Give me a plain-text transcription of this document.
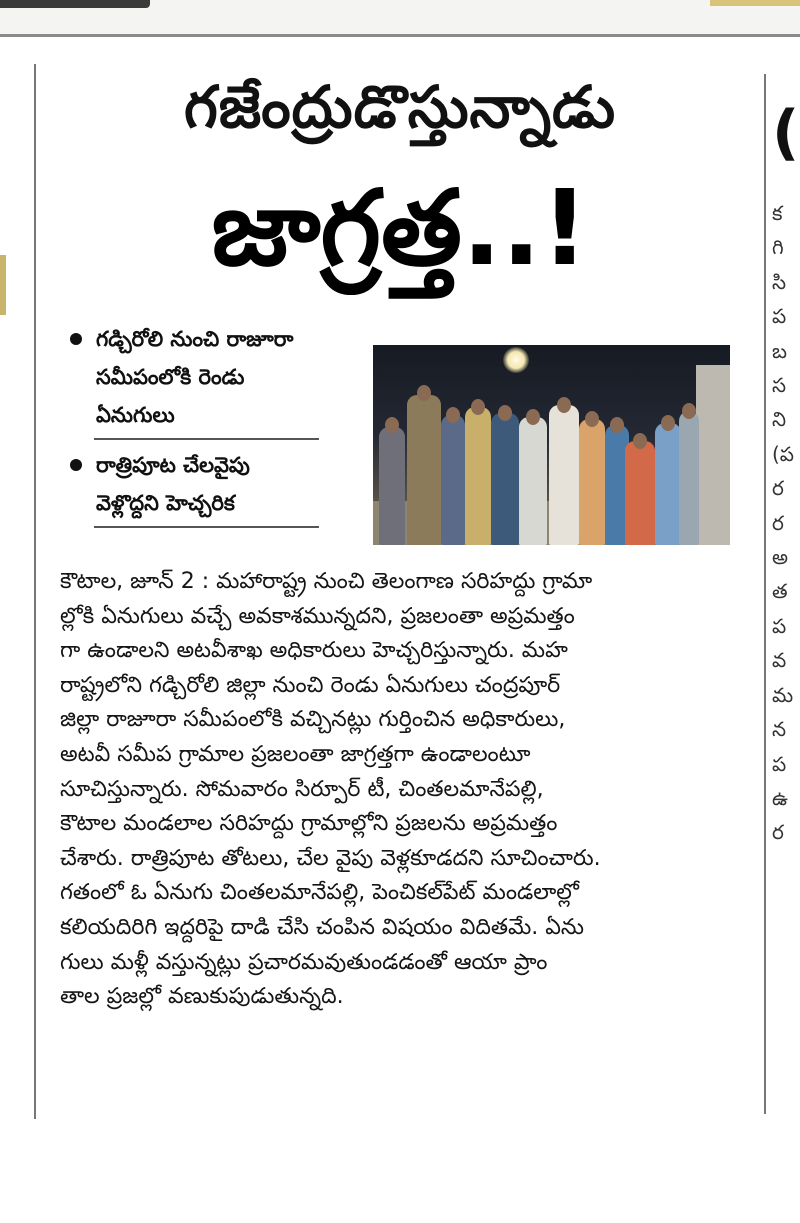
గజేంద్రుడొస్తున్నాడు
జాగ్రత్త..!
గడ్చిరోలి నుంచి రాజూరా
సమీపంలోకి రెండు
ఏనుగులు
రాత్రిపూట చేలవైపు
వెళ్లొద్దని హెచ్చరిక
కౌటాల, జూన్ 2 : మహారాష్ట్ర నుంచి తెలంగాణ సరిహద్దు గ్రామా
ల్లోకి ఏనుగులు వచ్చే అవకాశమున్నదని, ప్రజలంతా అప్రమత్తం
గా ఉండాలని అటవీశాఖ అధికారులు హెచ్చరిస్తున్నారు. మహ
రాష్ట్రలోని గడ్చిరోలి జిల్లా నుంచి రెండు ఏనుగులు చంద్రపూర్
జిల్లా రాజూరా సమీపంలోకి వచ్చినట్లు గుర్తించిన అధికారులు,
అటవీ సమీప గ్రామాల ప్రజలంతా జాగ్రత్తగా ఉండాలంటూ
సూచిస్తున్నారు. సోమవారం సిర్పూర్ టీ, చింతలమానేపల్లి,
కౌటాల మండలాల సరిహద్దు గ్రామాల్లోని ప్రజలను అప్రమత్తం
చేశారు. రాత్రిపూట తోటలు, చేల వైపు వెళ్లకూడదని సూచించారు.
గతంలో ఓ ఏనుగు చింతలమానేపల్లి, పెంచికల్‌పేట్ మండలాల్లో
కలియదిరిగి ఇద్దరిపై దాడి చేసి చంపిన విషయం విదితమే. ఏను
గులు మళ్లీ వస్తున్నట్లు ప్రచారమవుతుండడంతో ఆయా ప్రాం
తాల ప్రజల్లో వణుకుపుడుతున్నది.
(
క
గి
సి
ప
బ
స
ని
(ప
ర
ర
అ
త
ప
వ
మ
న
ప
ఉ
ర
